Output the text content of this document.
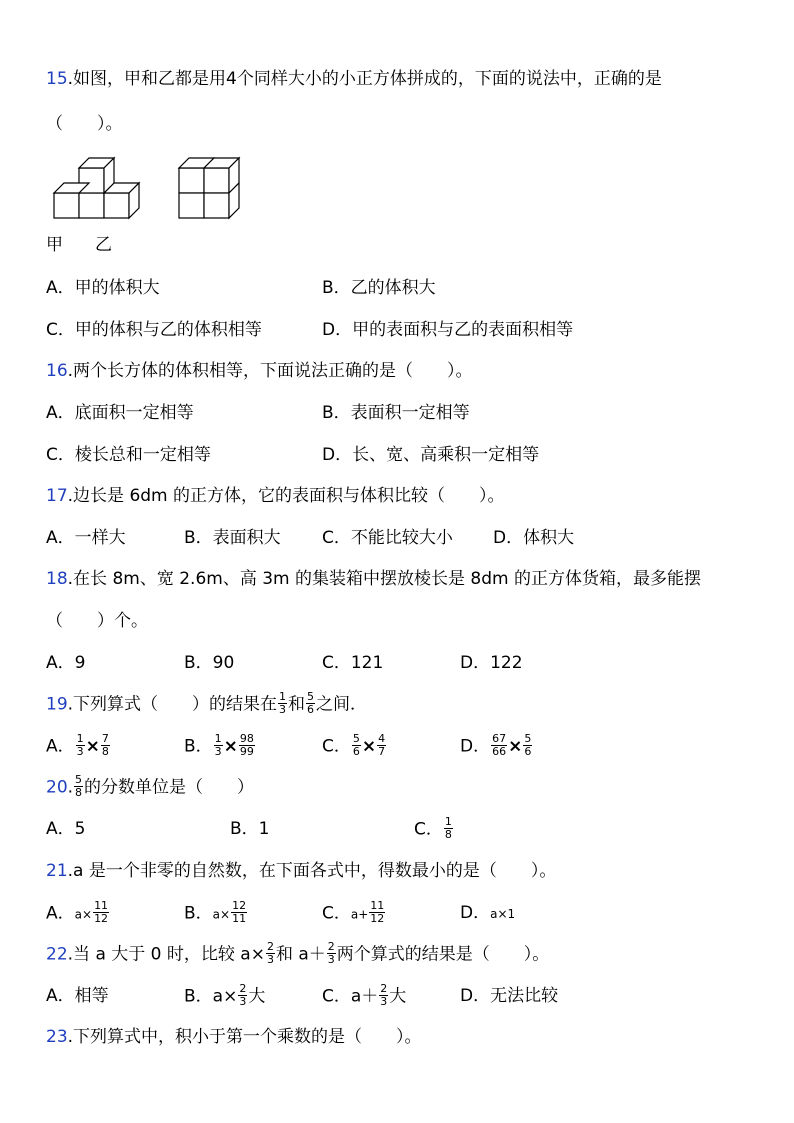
15.如图，甲和乙都是用4个同样大小的小正方体拼成的，下面的说法中，正确的是
（　　）。
甲 乙
A．甲的体积大	B．乙的体积大
C．甲的体积与乙的体积相等	D．甲的表面积与乙的表面积相等
16.两个长方体的体积相等，下面说法正确的是（　　）。
A．底面积一定相等	B．表面积一定相等
C．棱长总和一定相等	D．长、宽、高乘积一定相等
17.边长是 6dm 的正方体，它的表面积与体积比较（　　）。
A．一样大	B．表面积大 C．不能比较大小 D．体积大
18.在长 8m、宽 2.6m、高 3m 的集装箱中摆放棱长是 8dm 的正方体货箱，最多能摆
（　　）个。
A．9	B．90	C．121	D．122
19.下列算式（　　）的结果在 $\frac{1}{3}$ 和 $\frac{5}{6}$ 之间．
A． $\frac{1}{3} \times \frac{7}{8}$	B． $\frac{1}{3} \times \frac{98}{99}$	C． $\frac{5}{6} \times \frac{4}{7}$	D． $\frac{67}{66} \times \frac{5}{6}$
20. $\frac{5}{8}$ 的分数单位是（　　）
A．5	B．1	C． $\frac{1}{8}$
21.a 是一个非零的自然数，在下面各式中，得数最小的是（　　）。
A．$a\times \frac{11}{12}$	B．$a\times \frac{12}{11}$	C．$a+ \frac{11}{12}$	D．a×1
22.当 a 大于 0 时，比较 $a\times \frac{2}{3}$ 和 $a+ \frac{2}{3}$ 两个算式的结果是（　　）。
A．相等	B．$a\times \frac{2}{3}$ 大	C．$a+ \frac{2}{3}$ 大	D．无法比较
23.下列算式中，积小于第一个乘数的是（　　）。
